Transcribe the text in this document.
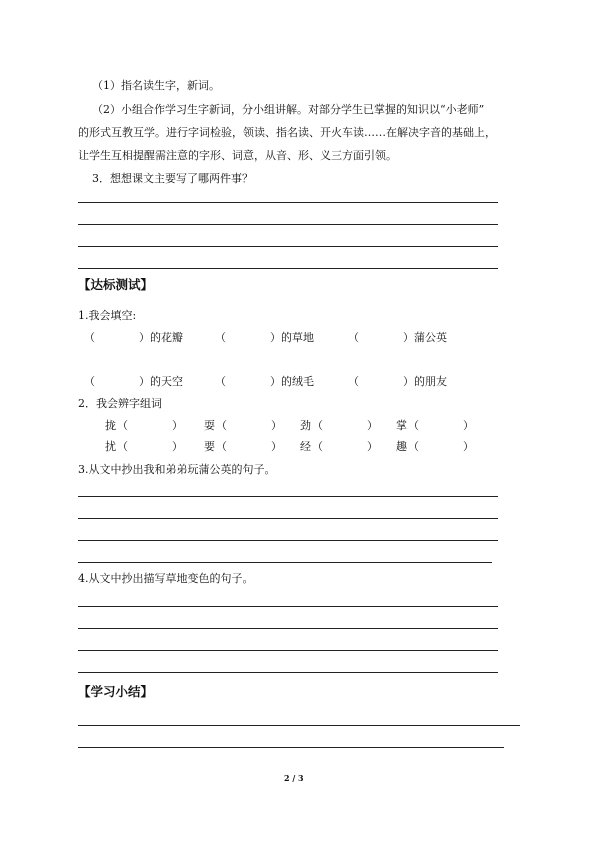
（1）指名读生字，新词。
（2）小组合作学习生字新词，分小组讲解。对部分学生已掌握的知识以“小老师”
的形式互教互学。进行字词检验，领读、指名读、开火车读……在解决字音的基础上，
让学生互相提醒需注意的字形、词意，从音、形、义三方面引领。
3．想想课文主要写了哪两件事？
【达标测试】
1.我会填空:
（　　　　）的花瓣	（　　　　）的草地	（　　　　）蒲公英
（　　　　）的天空	（　　　　）的绒毛	（　　　　）的朋友
2．我会辨字组词
拢 （　　　　） 耍 （　　　　） 劲 （　　　　） 掌 （　　　　）
扰 （　　　　） 要 （　　　　） 经 （　　　　） 趣 （　　　　）
3.从文中抄出我和弟弟玩蒲公英的句子。
4.从文中抄出描写草地变色的句子。
【学习小结】
2 / 3
